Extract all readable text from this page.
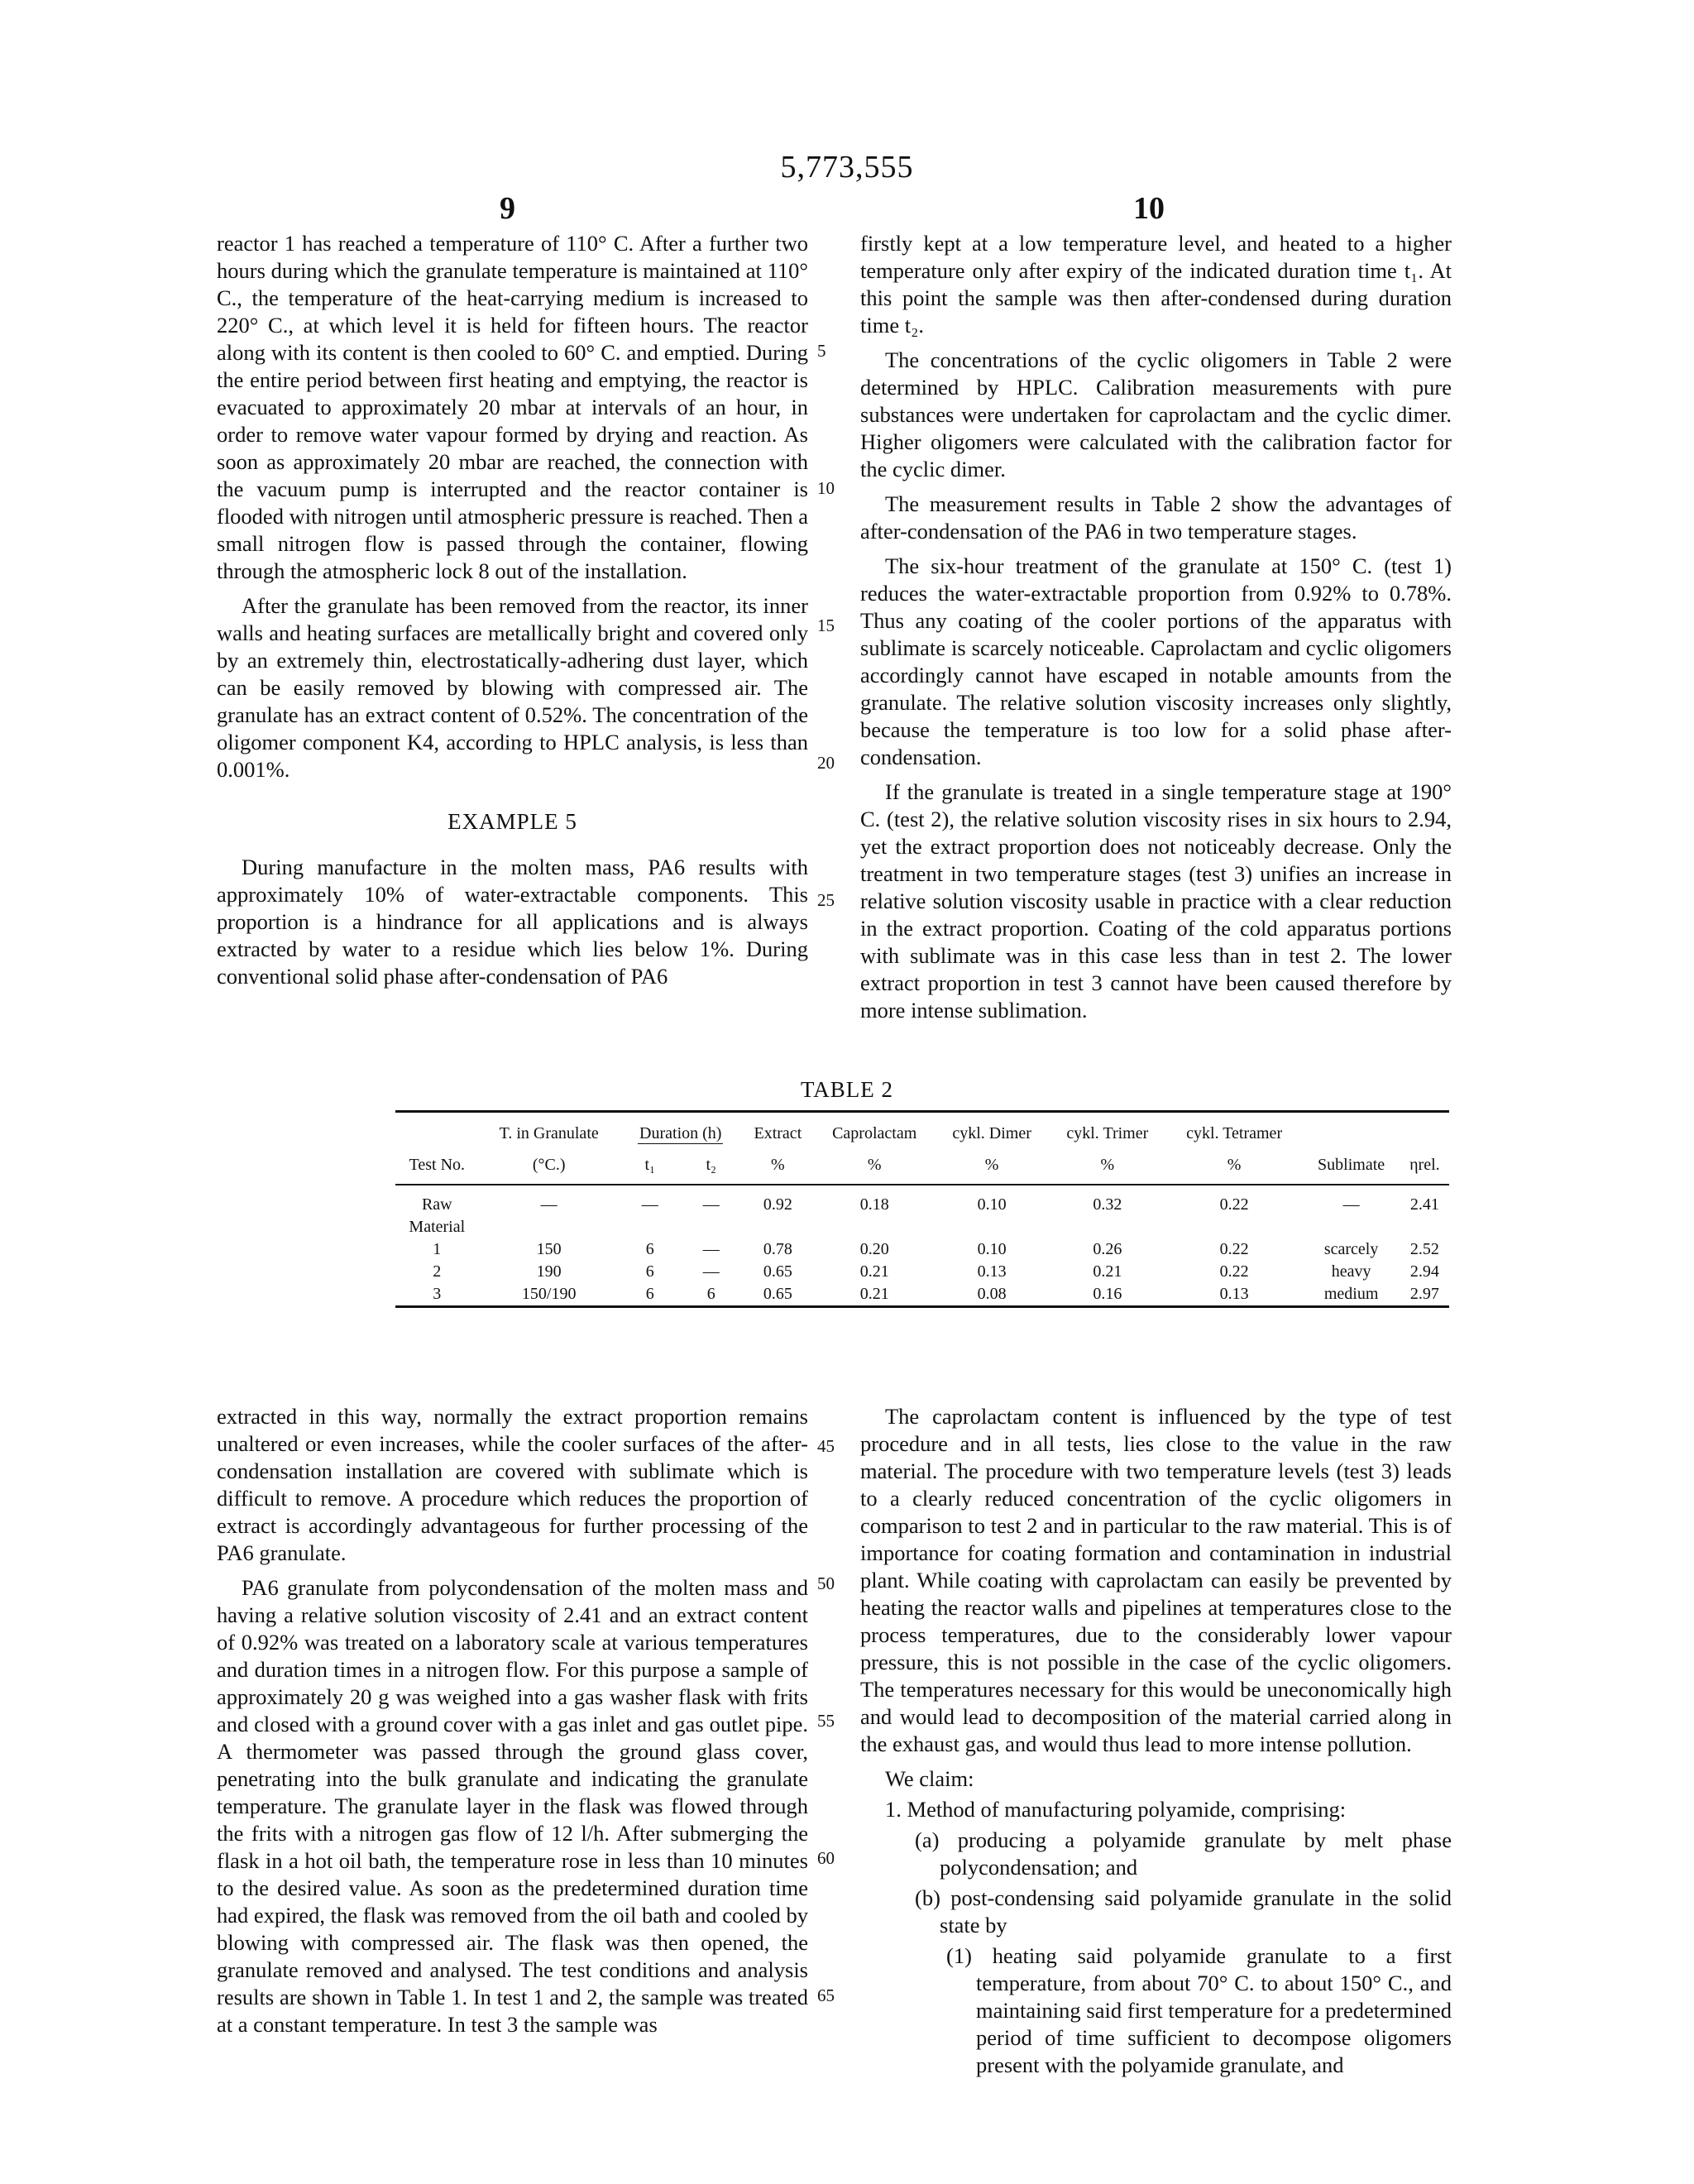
5,773,555
9	10

reactor 1 has reached a temperature of 110° C. After a further two hours during which the granulate temperature is maintained at 110° C., the temperature of the heat-carrying medium is increased to 220° C., at which level it is held for fifteen hours. The reactor along with its content is then cooled to 60° C. and emptied. During the entire period between first heating and emptying, the reactor is evacuated to approximately 20 mbar at intervals of an hour, in order to remove water vapour formed by drying and reaction. As soon as approximately 20 mbar are reached, the connection with the vacuum pump is interrupted and the reactor container is flooded with nitrogen until atmospheric pressure is reached. Then a small nitrogen flow is passed through the container, flowing through the atmospheric lock 8 out of the installation.

After the granulate has been removed from the reactor, its inner walls and heating surfaces are metallically bright and covered only by an extremely thin, electrostatically-adhering dust layer, which can be easily removed by blowing with compressed air. The granulate has an extract content of 0.52%. The concentration of the oligomer component K4, according to HPLC analysis, is less than 0.001%.

EXAMPLE 5

During manufacture in the molten mass, PA6 results with approximately 10% of water-extractable components. This proportion is a hindrance for all applications and is always extracted by water to a residue which lies below 1%. During conventional solid phase after-condensation of PA6

firstly kept at a low temperature level, and heated to a higher temperature only after expiry of the indicated duration time t₁. At this point the sample was then after-condensed during duration time t₂.

The concentrations of the cyclic oligomers in Table 2 were determined by HPLC. Calibration measurements with pure substances were undertaken for caprolactam and the cyclic dimer. Higher oligomers were calculated with the calibration factor for the cyclic dimer.

The measurement results in Table 2 show the advantages of after-condensation of the PA6 in two temperature stages.

The six-hour treatment of the granulate at 150° C. (test 1) reduces the water-extractable proportion from 0.92% to 0.78%. Thus any coating of the cooler portions of the apparatus with sublimate is scarcely noticeable. Caprolactam and cyclic oligomers accordingly cannot have escaped in notable amounts from the granulate. The relative solution viscosity increases only slightly, because the temperature is too low for a solid phase after-condensation.

If the granulate is treated in a single temperature stage at 190° C. (test 2), the relative solution viscosity rises in six hours to 2.94, yet the extract proportion does not noticeably decrease. Only the treatment in two temperature stages (test 3) unifies an increase in relative solution viscosity usable in practice with a clear reduction in the extract proportion. Coating of the cold apparatus portions with sublimate was in this case less than in test 2. The lower extract proportion in test 3 cannot have been caused therefore by more intense sublimation.

5
10
15
20
25
45
50
55
60
65
TABLE 2

	T. in Granulate	Duration (h)		Extract	Caprolactam	cykl. Dimer	cykl. Trimer	cykl. Tetramer		
Test No.	(°C.)	t₁	t₂	%	%	%	%	%	Sublimate	ηrel.

Raw	—	—	—	0.92	0.18	0.10	0.32	0.22	—	2.41
Material										
1	150	6	—	0.78	0.20	0.10	0.26	0.22	scarcely	2.52
2	190	6	—	0.65	0.21	0.13	0.21	0.22	heavy	2.94
3	150/190	6	6	0.65	0.21	0.08	0.16	0.13	medium	2.97

extracted in this way, normally the extract proportion remains unaltered or even increases, while the cooler surfaces of the after-condensation installation are covered with sublimate which is difficult to remove. A procedure which reduces the proportion of extract is accordingly advantageous for further processing of the PA6 granulate.

PA6 granulate from polycondensation of the molten mass and having a relative solution viscosity of 2.41 and an extract content of 0.92% was treated on a laboratory scale at various temperatures and duration times in a nitrogen flow. For this purpose a sample of approximately 20 g was weighed into a gas washer flask with frits and closed with a ground cover with a gas inlet and gas outlet pipe. A thermometer was passed through the ground glass cover, penetrating into the bulk granulate and indicating the granulate temperature. The granulate layer in the flask was flowed through the frits with a nitrogen gas flow of 12 l/h. After submerging the flask in a hot oil bath, the temperature rose in less than 10 minutes to the desired value. As soon as the predetermined duration time had expired, the flask was removed from the oil bath and cooled by blowing with compressed air. The flask was then opened, the granulate removed and analysed. The test conditions and analysis results are shown in Table 1. In test 1 and 2, the sample was treated at a constant temperature. In test 3 the sample was

The caprolactam content is influenced by the type of test procedure and in all tests, lies close to the value in the raw material. The procedure with two temperature levels (test 3) leads to a clearly reduced concentration of the cyclic oligomers in comparison to test 2 and in particular to the raw material. This is of importance for coating formation and contamination in industrial plant. While coating with caprolactam can easily be prevented by heating the reactor walls and pipelines at temperatures close to the process temperatures, due to the considerably lower vapour pressure, this is not possible in the case of the cyclic oligomers. The temperatures necessary for this would be uneconomically high and would lead to decomposition of the material carried along in the exhaust gas, and would thus lead to more intense pollution.

We claim:

1. Method of manufacturing polyamide, comprising:

(a) producing a polyamide granulate by melt phase polycondensation; and

(b) post-condensing said polyamide granulate in the solid state by

(1) heating said polyamide granulate to a first temperature, from about 70° C. to about 150° C., and maintaining said first temperature for a predetermined period of time sufficient to decompose oligomers present with the polyamide granulate, and
